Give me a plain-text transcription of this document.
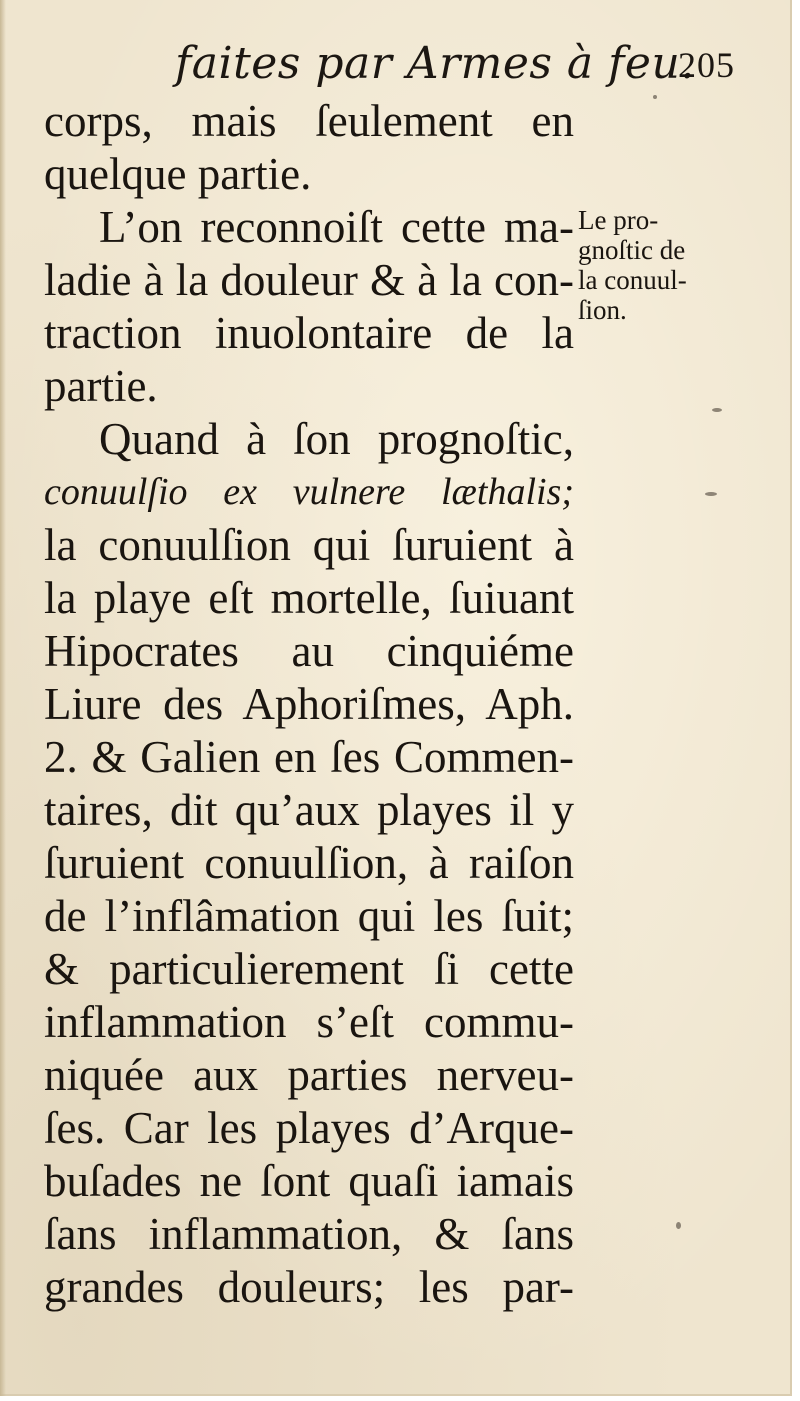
faites par Armes à feu.
205
corps, mais ſeulement en
quelque partie.
L’on reconnoiſt cette ma-
ladie à la douleur & à la con-
traction inuolontaire de la
partie.
Quand à ſon prognoſtic,
conuulſio ex vulnere læthalis;
la conuulſion qui ſuruient à
la playe eſt mortelle, ſuiuant
Hipocrates au cinquiéme
Liure des Aphoriſmes, Aph.
2. & Galien en ſes Commen-
taires, dit qu’aux playes il y
ſuruient conuulſion, à raiſon
de l’inflâmation qui les ſuit;
& particulierement ſi cette
inflammation s’eſt commu-
niquée aux parties nerveu-
ſes. Car les playes d’Arque-
buſades ne ſont quaſi iamais
ſans inflammation, & ſans
grandes douleurs; les par-
Le pro-
gnoſtic de
la conuul-
ſion.
